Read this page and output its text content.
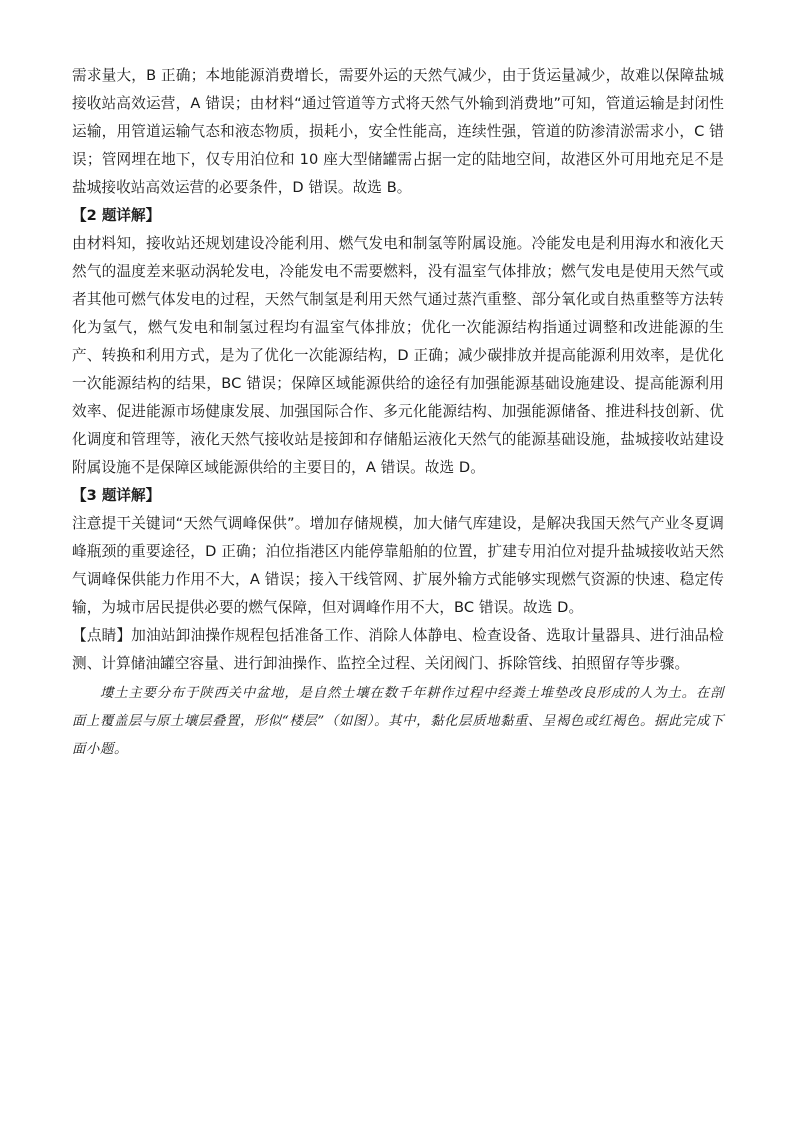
需求量大，B 正确；本地能源消费增长，需要外运的天然气减少，由于货运量减少，故难以保障盐城接收站高效运营，A 错误；由材料“通过管道等方式将天然气外输到消费地”可知，管道运输是封闭性运输，用管道运输气态和液态物质，损耗小，安全性能高，连续性强，管道的防渗清淤需求小，C 错误；管网埋在地下，仅专用泊位和 10 座大型储罐需占据一定的陆地空间，故港区外可用地充足不是盐城接收站高效运营的必要条件，D 错误。故选 B。

【2 题详解】

由材料知，接收站还规划建设冷能利用、燃气发电和制氢等附属设施。冷能发电是利用海水和液化天然气的温度差来驱动涡轮发电，冷能发电不需要燃料，没有温室气体排放；燃气发电是使用天然气或者其他可燃气体发电的过程，天然气制氢是利用天然气通过蒸汽重整、部分氧化或自热重整等方法转化为氢气，燃气发电和制氢过程均有温室气体排放；优化一次能源结构指通过调整和改进能源的生产、转换和利用方式，是为了优化一次能源结构，D 正确；减少碳排放并提高能源利用效率，是优化一次能源结构的结果，BC 错误；保障区域能源供给的途径有加强能源基础设施建设、提高能源利用效率、促进能源市场健康发展、加强国际合作、多元化能源结构、加强能源储备、推进科技创新、优化调度和管理等，液化天然气接收站是接卸和存储船运液化天然气的能源基础设施，盐城接收站建设附属设施不是保障区域能源供给的主要目的，A 错误。故选 D。

【3 题详解】

注意提干关键词“天然气调峰保供”。增加存储规模，加大储气库建设，是解决我国天然气产业冬夏调峰瓶颈的重要途径，D 正确；泊位指港区内能停靠船舶的位置，扩建专用泊位对提升盐城接收站天然气调峰保供能力作用不大，A 错误；接入干线管网、扩展外输方式能够实现燃气资源的快速、稳定传输，为城市居民提供必要的燃气保障，但对调峰作用不大，BC 错误。故选 D。

【点睛】加油站卸油操作规程包括准备工作、消除人体静电、检查设备、选取计量器具、进行油品检测、计算储油罐空容量、进行卸油操作、监控全过程、关闭阀门、拆除管线、拍照留存等步骤。

塿土主要分布于陕西关中盆地，是自然土壤在数千年耕作过程中经粪土堆垫改良形成的人为土。在剖面上覆盖层与原土壤层叠置，形似“楼层”（如图）。其中，黏化层质地黏重、呈褐色或红褐色。据此完成下面小题。
